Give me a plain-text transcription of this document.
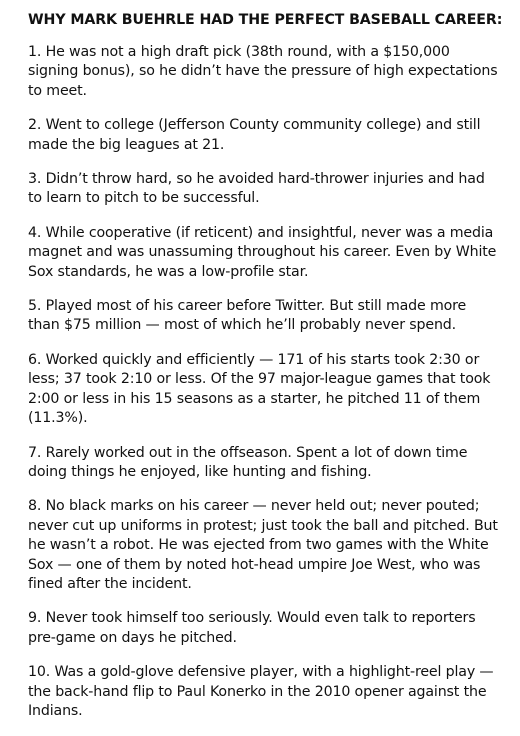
WHY MARK BUEHRLE HAD THE PERFECT BASEBALL CAREER:
1. He was not a high draft pick (38th round, with a $150,000 signing bonus), so he didn’t have the pressure of high expectations to meet.
2. Went to college (Jefferson County community college) and still made the big leagues at 21.
3. Didn’t throw hard, so he avoided hard-thrower injuries and had to learn to pitch to be successful.
4. While cooperative (if reticent) and insightful, never was a media magnet and was unassuming throughout his career. Even by White Sox standards, he was a low-profile star.
5. Played most of his career before Twitter. But still made more than $75 million — most of which he’ll probably never spend.
6. Worked quickly and efficiently — 171 of his starts took 2:30 or less; 37 took 2:10 or less. Of the 97 major-league games that took 2:00 or less in his 15 seasons as a starter, he pitched 11 of them (11.3%).
7. Rarely worked out in the offseason. Spent a lot of down time doing things he enjoyed, like hunting and fishing.
8. No black marks on his career — never held out; never pouted; never cut up uniforms in protest; just took the ball and pitched. But he wasn’t a robot. He was ejected from two games with the White Sox — one of them by noted hot-head umpire Joe West, who was fined after the incident.
9. Never took himself too seriously. Would even talk to reporters pre-game on days he pitched.
10. Was a gold-glove defensive player, with a highlight-reel play — the back-hand flip to Paul Konerko in the 2010 opener against the Indians.
